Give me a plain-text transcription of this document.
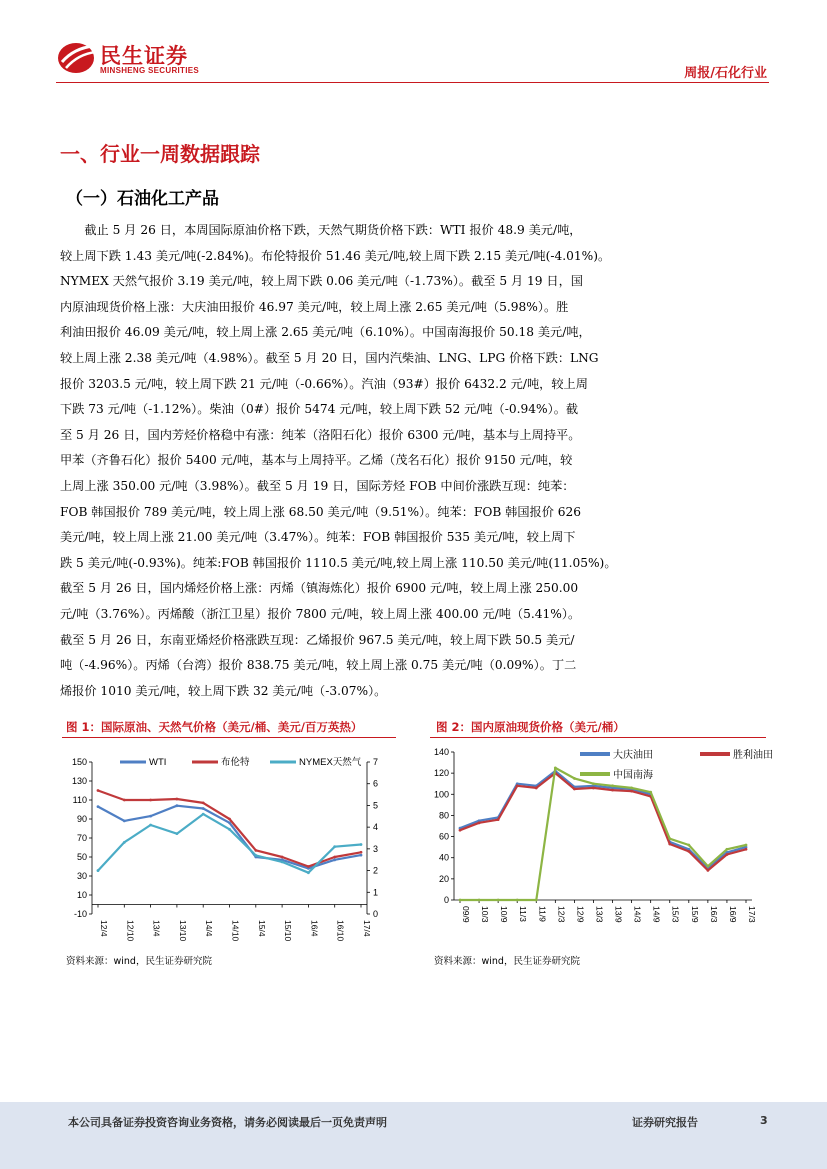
民生证券
MINSHENG SECURITIES	周报/石化行业
一、行业一周数据跟踪
（一）石油化工产品
　　截止 5 月 26 日，本周国际原油价格下跌，天然气期货价格下跌：WTI 报价 48.9 美元/吨，
较上周下跌 1.43 美元/吨(-2.84%)。布伦特报价 51.46 美元/吨,较上周下跌 2.15 美元/吨(-4.01%)。
NYMEX 天然气报价 3.19 美元/吨，较上周下跌 0.06 美元/吨（-1.73%）。截至 5 月 19 日，国
内原油现货价格上涨：大庆油田报价 46.97 美元/吨，较上周上涨 2.65 美元/吨（5.98%）。胜
利油田报价 46.09 美元/吨，较上周上涨 2.65 美元/吨（6.10%）。中国南海报价 50.18 美元/吨，
较上周上涨 2.38 美元/吨（4.98%）。截至 5 月 20 日，国内汽柴油、LNG、LPG 价格下跌：LNG
报价 3203.5 元/吨，较上周下跌 21 元/吨（-0.66%）。汽油（93#）报价 6432.2 元/吨，较上周
下跌 73 元/吨（-1.12%）。柴油（0#）报价 5474 元/吨，较上周下跌 52 元/吨（-0.94%）。截
至 5 月 26 日，国内芳烃价格稳中有涨：纯苯（洛阳石化）报价 6300 元/吨，基本与上周持平。
甲苯（齐鲁石化）报价 5400 元/吨，基本与上周持平。乙烯（茂名石化）报价 9150 元/吨，较
上周上涨 350.00 元/吨（3.98%）。截至 5 月 19 日，国际芳烃 FOB 中间价涨跌互现：纯苯：
FOB 韩国报价 789 美元/吨，较上周上涨 68.50 美元/吨（9.51%）。纯苯：FOB 韩国报价 626
美元/吨，较上周上涨 21.00 美元/吨（3.47%）。纯苯：FOB 韩国报价 535 美元/吨，较上周下
跌 5 美元/吨(-0.93%)。纯苯:FOB 韩国报价 1110.5 美元/吨,较上周上涨 110.50 美元/吨(11.05%)。
截至 5 月 26 日，国内烯烃价格上涨：丙烯（镇海炼化）报价 6900 元/吨，较上周上涨 250.00
元/吨（3.76%）。丙烯酸（浙江卫星）报价 7800 元/吨，较上周上涨 400.00 元/吨（5.41%）。
截至 5 月 26 日，东南亚烯烃价格涨跌互现：乙烯报价 967.5 美元/吨，较上周下跌 50.5 美元/
吨（-4.96%）。丙烯（台湾）报价 838.75 美元/吨，较上周上涨 0.75 美元/吨（0.09%）。丁二
烯报价 1010 美元/吨，较上周下跌 32 美元/吨（-3.07%）。
图 1：国际原油、天然气价格（美元/桶、美元/百万英热）
-10
10
30
50
70
90
110
130
150
0
1
2
3
4
5
6
7
12/4 12/10 13/4 13/10 14/4 14/10 15/4 15/10 16/4 16/10 17/4
WTI	布伦特	NYMEX天然气
资料来源：wind，民生证券研究院
图 2：国内原油现货价格（美元/桶）
0
20
40
60
80
100
120
140
09/9 10/3 10/9 11/3 11/9 12/3 12/9 13/3 13/9 14/3 14/9 15/3 15/9 16/3 16/9 17/3
大庆油田	胜利油田
中国南海
资料来源：wind，民生证券研究院
本公司具备证券投资咨询业务资格，请务必阅读最后一页免责声明	证券研究报告	3
